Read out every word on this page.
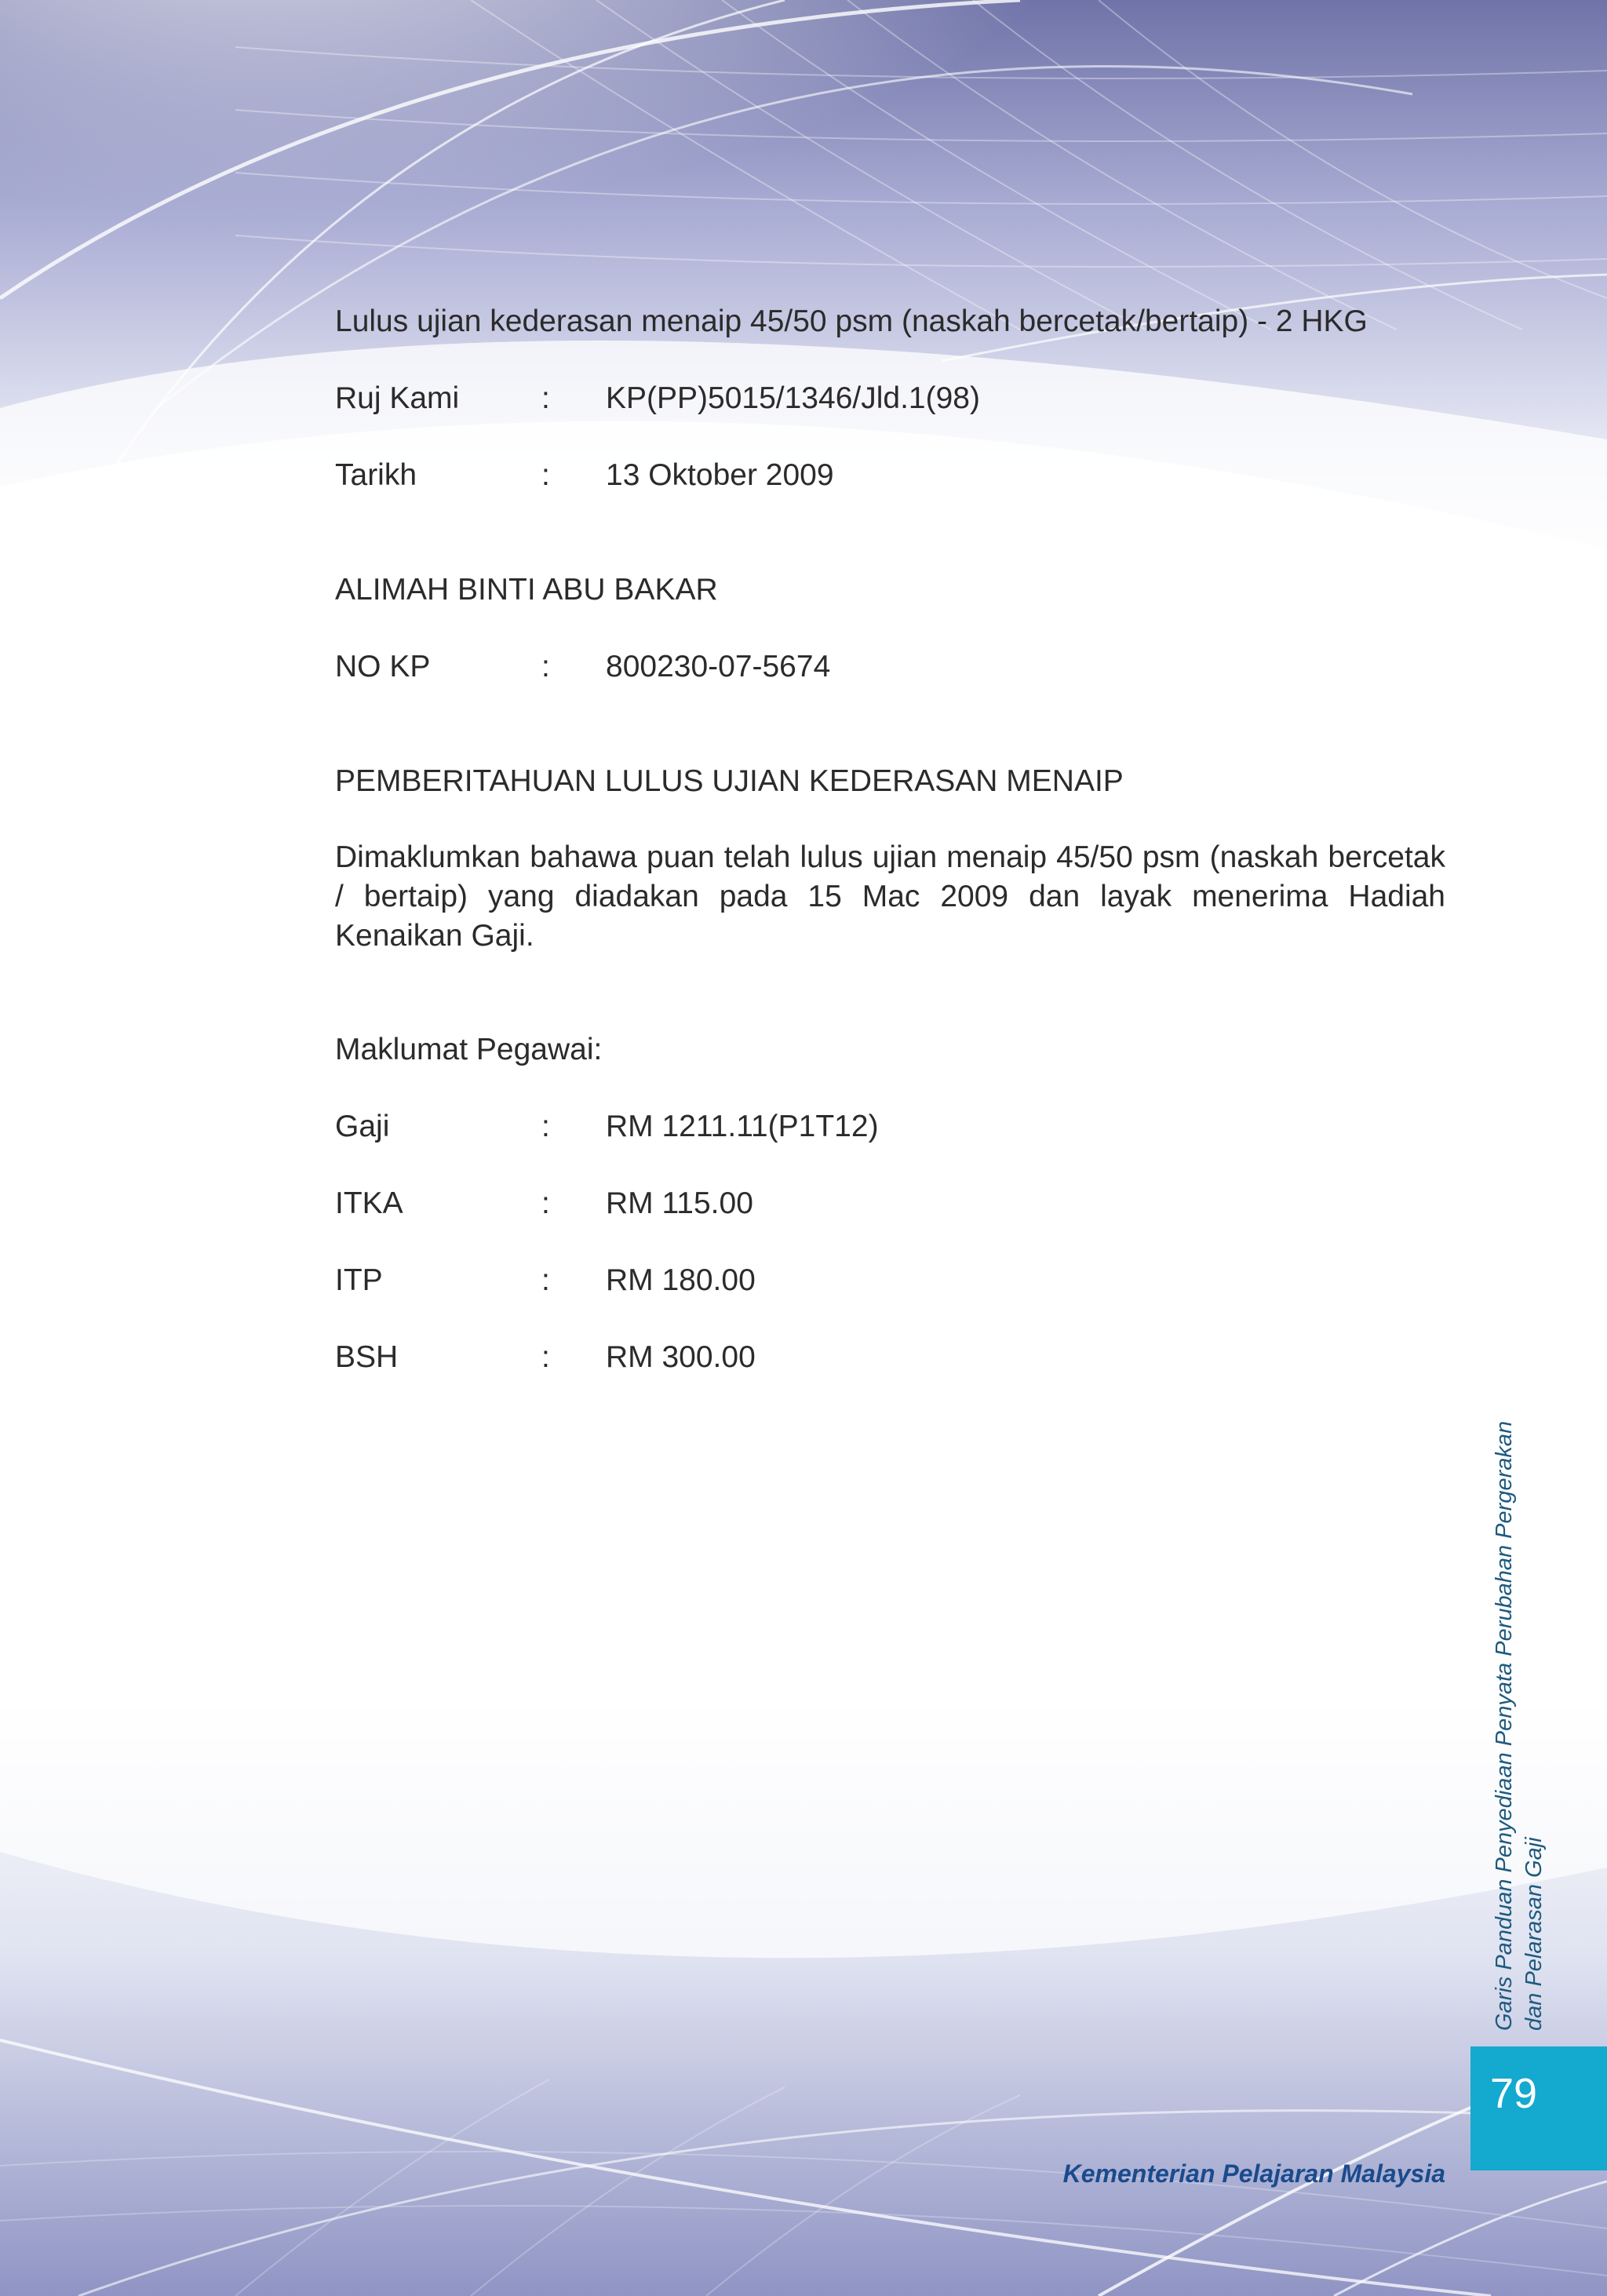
Lulus ujian kederasan menaip 45/50 psm (naskah bercetak/bertaip) - 2 HKG
Ruj Kami	: KP(PP)5015/1346/Jld.1(98)
Tarikh	: 13 Oktober 2009
ALIMAH BINTI ABU BAKAR
NO KP	: 800230-07-5674
PEMBERITAHUAN LULUS UJIAN KEDERASAN MENAIP
Dimaklumkan bahawa puan telah lulus ujian menaip 45/50 psm (naskah bercetak / bertaip) yang diadakan pada 15 Mac 2009 dan layak menerima Hadiah Kenaikan Gaji.
Maklumat Pegawai:
Gaji	: RM 1211.11(P1T12)
ITKA	: RM 115.00
ITP	: RM 180.00
BSH	: RM 300.00
Garis Panduan Penyediaan Penyata Perubahan Pergerakan dan Pelarasan Gaji
79
Kementerian Pelajaran Malaysia
